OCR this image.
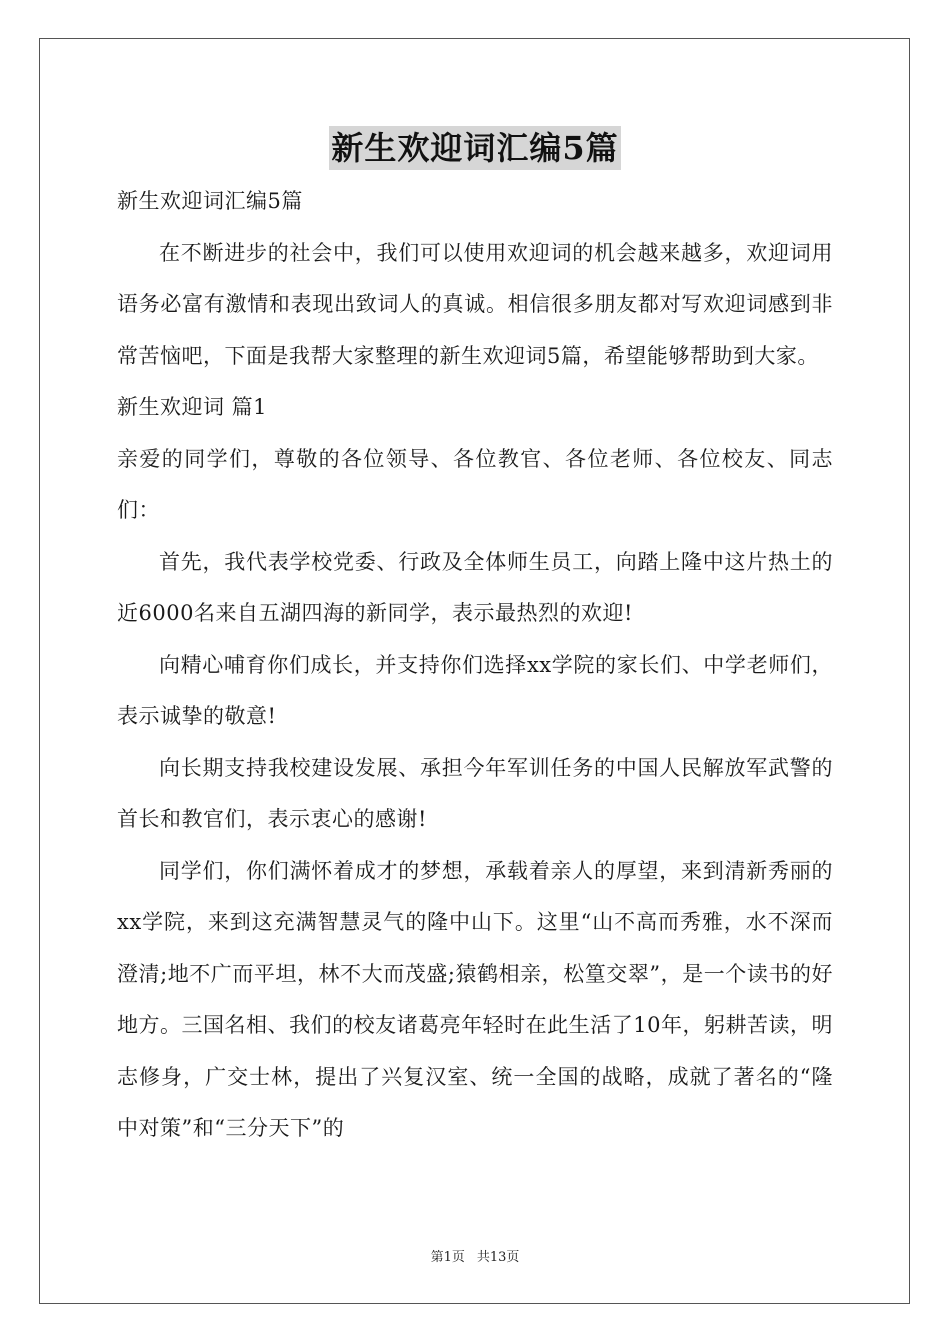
新生欢迎词汇编5篇

新生欢迎词汇编5篇

在不断进步的社会中，我们可以使用欢迎词的机会越来越多，欢迎词用语务必富有激情和表现出致词人的真诚。相信很多朋友都对写欢迎词感到非常苦恼吧，下面是我帮大家整理的新生欢迎词5篇，希望能够帮助到大家。

新生欢迎词 篇1

亲爱的同学们，尊敬的各位领导、各位教官、各位老师、各位校友、同志们：

首先，我代表学校党委、行政及全体师生员工，向踏上隆中这片热土的近6000名来自五湖四海的新同学，表示最热烈的欢迎!

向精心哺育你们成长，并支持你们选择xx学院的家长们、中学老师们，表示诚挚的敬意!

向长期支持我校建设发展、承担今年军训任务的中国人民解放军武警的首长和教官们，表示衷心的感谢!

同学们，你们满怀着成才的梦想，承载着亲人的厚望，来到清新秀丽的xx学院，来到这充满智慧灵气的隆中山下。这里“山不高而秀雅，水不深而澄清;地不广而平坦，林不大而茂盛;猿鹤相亲，松篁交翠”，是一个读书的好地方。三国名相、我们的校友诸葛亮年轻时在此生活了10年，躬耕苦读，明志修身，广交士林，提出了兴复汉室、统一全国的战略，成就了著名的“隆中对策”和“三分天下”的

第1页 共13页
